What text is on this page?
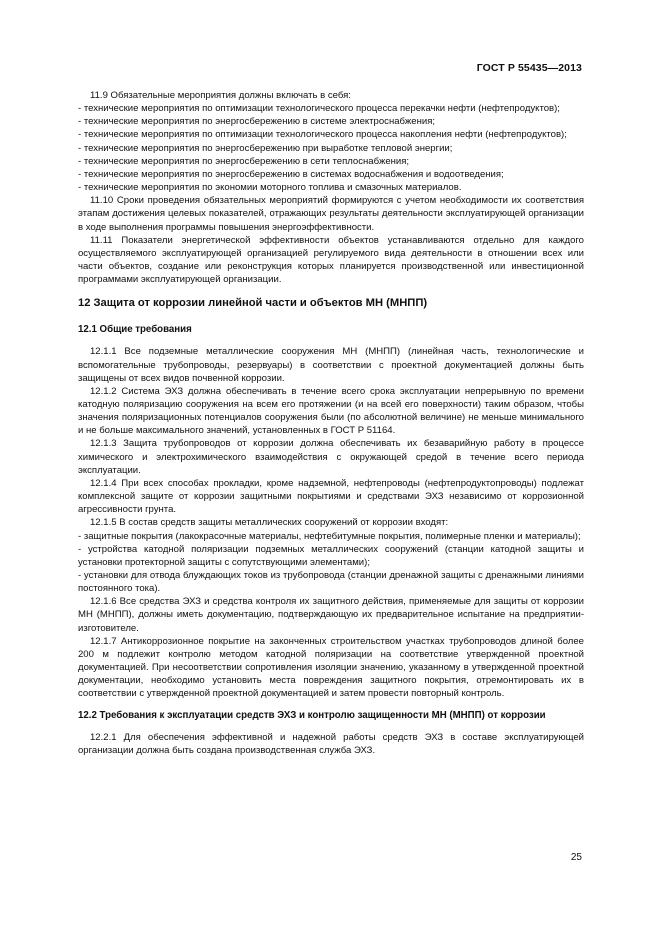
ГОСТ Р 55435—2013

11.9 Обязательные мероприятия должны включать в себя:

- технические мероприятия по оптимизации технологического процесса перекачки нефти (нефтепродуктов);

- технические мероприятия по энергосбережению в системе электроснабжения;

- технические мероприятия по оптимизации технологического процесса накопления нефти (нефтепродуктов);

- технические мероприятия по энергосбережению при выработке тепловой энергии;

- технические мероприятия по энергосбережению в сети теплоснабжения;

- технические мероприятия по энергосбережению в системах водоснабжения и водоотведения;

- технические мероприятия по экономии моторного топлива и смазочных материалов.

11.10 Сроки проведения обязательных мероприятий формируются с учетом необходимости их соответствия этапам достижения целевых показателей, отражающих результаты деятельности эксплуатирующей организации в ходе выполнения программы повышения энергоэффективности.

11.11 Показатели энергетической эффективности объектов устанавливаются отдельно для каждого осуществляемого эксплуатирующей организацией регулируемого вида деятельности в отношении всех или части объектов, создание или реконструкция которых планируется производственной или инвестиционной программами эксплуатирующей организации.

12 Защита от коррозии линейной части и объектов МН (МНПП)
12.1 Общие требования

12.1.1 Все подземные металлические сооружения МН (МНПП) (линейная часть, технологические и вспомогательные трубопроводы, резервуары) в соответствии с проектной документацией должны быть защищены от всех видов почвенной коррозии.

12.1.2 Система ЭХЗ должна обеспечивать в течение всего срока эксплуатации непрерывную по времени катодную поляризацию сооружения на всем его протяжении (и на всей его поверхности) таким образом, чтобы значения поляризационных потенциалов сооружения были (по абсолютной величине) не меньше минимального и не больше максимального значений, установленных в ГОСТ Р 51164.

12.1.3 Защита трубопроводов от коррозии должна обеспечивать их безаварийную работу в процессе химического и электрохимического взаимодействия с окружающей средой в течение всего периода эксплуатации.

12.1.4 При всех способах прокладки, кроме надземной, нефтепроводы (нефтепродуктопроводы) подлежат комплексной защите от коррозии защитными покрытиями и средствами ЭХЗ независимо от коррозионной агрессивности грунта.

12.1.5 В состав средств защиты металлических сооружений от коррозии входят:

- защитные покрытия (лакокрасочные материалы, нефтебитумные покрытия, полимерные пленки и материалы);

- устройства катодной поляризации подземных металлических сооружений (станции катодной защиты и установки протекторной защиты с сопутствующими элементами);

- установки для отвода блуждающих токов из трубопровода (станции дренажной защиты с дренажными линиями постоянного тока).

12.1.6 Все средства ЭХЗ и средства контроля их защитного действия, применяемые для защиты от коррозии МН (МНПП), должны иметь документацию, подтверждающую их предварительное испытание на предприятии-изготовителе.

12.1.7 Антикоррозионное покрытие на законченных строительством участках трубопроводов длиной более 200 м подлежит контролю методом катодной поляризации на соответствие утвержденной проектной документацией. При несоответствии сопротивления изоляции значению, указанному в утвержденной проектной документации, необходимо установить места повреждения защитного покрытия, отремонтировать их в соответствии с утвержденной проектной документацией и затем провести повторный контроль.

12.2 Требования к эксплуатации средств ЭХЗ и контролю защищенности МН (МНПП) от коррозии

12.2.1 Для обеспечения эффективной и надежной работы средств ЭХЗ в составе эксплуатирующей организации должна быть создана производственная служба ЭХЗ.

25
